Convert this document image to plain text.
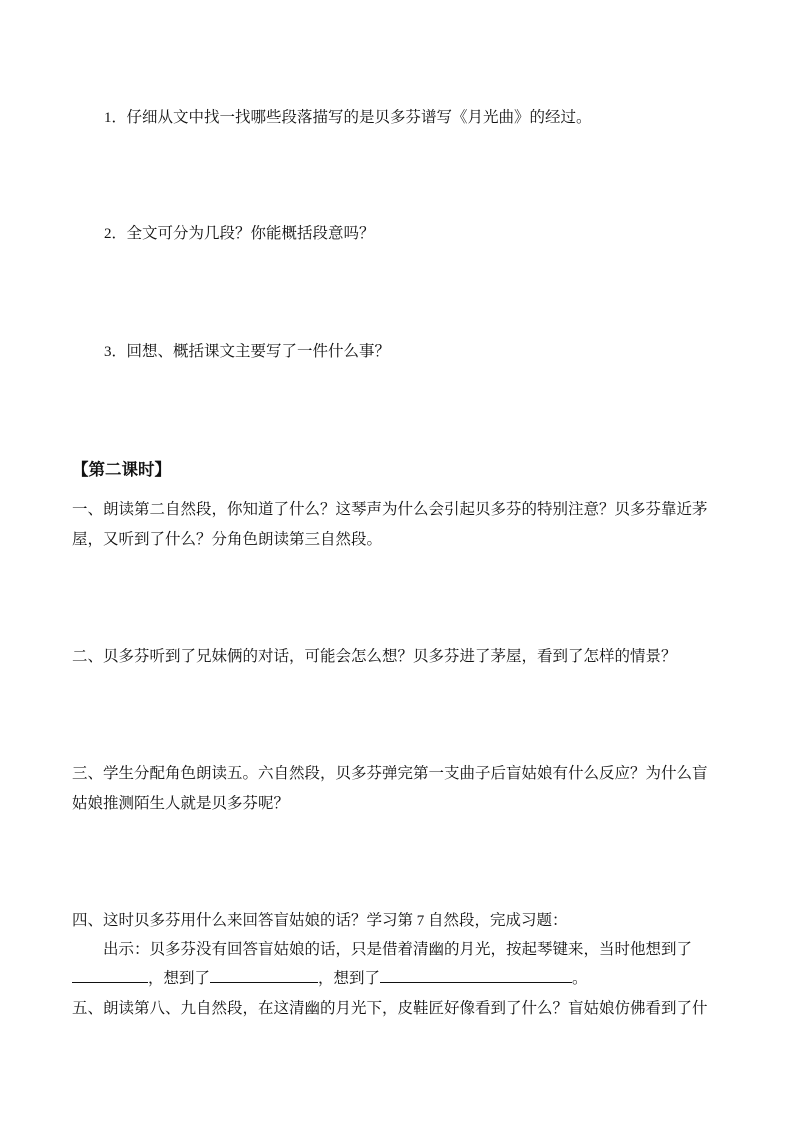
1．仔细从文中找一找哪些段落描写的是贝多芬谱写《月光曲》的经过。
2．全文可分为几段？你能概括段意吗？
3．回想、概括课文主要写了一件什么事？
【第二课时】
一、朗读第二自然段，你知道了什么？这琴声为什么会引起贝多芬的特别注意？贝多芬靠近茅
屋，又听到了什么？分角色朗读第三自然段。
二、贝多芬听到了兄妹俩的对话，可能会怎么想？贝多芬进了茅屋，看到了怎样的情景？
三、学生分配角色朗读五。六自然段，贝多芬弹完第一支曲子后盲姑娘有什么反应？为什么盲
姑娘推测陌生人就是贝多芬呢？
四、这时贝多芬用什么来回答盲姑娘的话？学习第 7 自然段，完成习题：
出示：贝多芬没有回答盲姑娘的话，只是借着清幽的月光，按起琴键来，当时他想到了
，想到了	，想到了	。
五、朗读第八、九自然段，在这清幽的月光下，皮鞋匠好像看到了什么？盲姑娘仿佛看到了什
